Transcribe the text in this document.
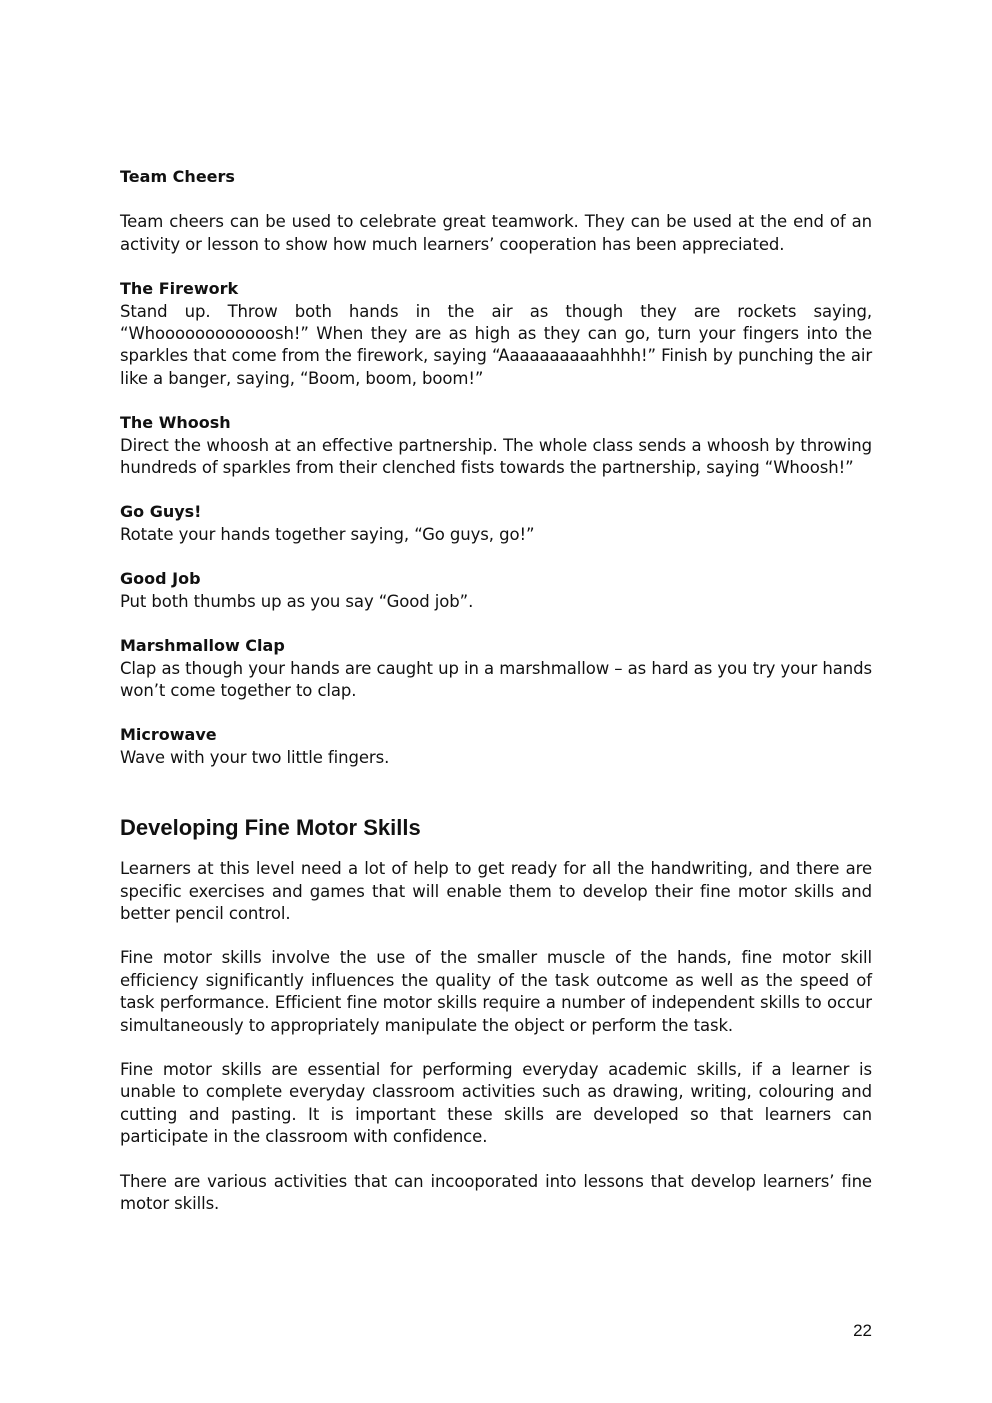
Team Cheers

Team cheers can be used to celebrate great teamwork. They can be used at the end of an activity or lesson to show how much learners’ cooperation has been appreciated.

The Firework

Stand up. Throw both hands in the air as though they are rockets saying, “Whoooooooooooosh!” When they are as high as they can go, turn your fingers into the sparkles that come from the firework, saying “Aaaaaaaaaahhhh!” Finish by punching the air like a banger, saying, “Boom, boom, boom!”

The Whoosh

Direct the whoosh at an effective partnership. The whole class sends a whoosh by throwing hundreds of sparkles from their clenched fists towards the partnership, saying “Whoosh!”

Go Guys!

Rotate your hands together saying, “Go guys, go!”

Good Job

Put both thumbs up as you say “Good job”.

Marshmallow Clap

Clap as though your hands are caught up in a marshmallow – as hard as you try your hands won’t come together to clap.

Microwave

Wave with your two little fingers.

Developing Fine Motor Skills

Learners at this level need a lot of help to get ready for all the handwriting, and there are specific exercises and games that will enable them to develop their fine motor skills and better pencil control.

Fine motor skills involve the use of the smaller muscle of the hands, fine motor skill efficiency significantly influences the quality of the task outcome as well as the speed of task performance. Efficient fine motor skills require a number of independent skills to occur simultaneously to appropriately manipulate the object or perform the task.

Fine motor skills are essential for performing everyday academic skills, if a learner is unable to complete everyday classroom activities such as drawing, writing, colouring and cutting and pasting. It is important these skills are developed so that learners can participate in the classroom with confidence.

There are various activities that can incooporated into lessons that develop learners’ fine motor skills.

22
